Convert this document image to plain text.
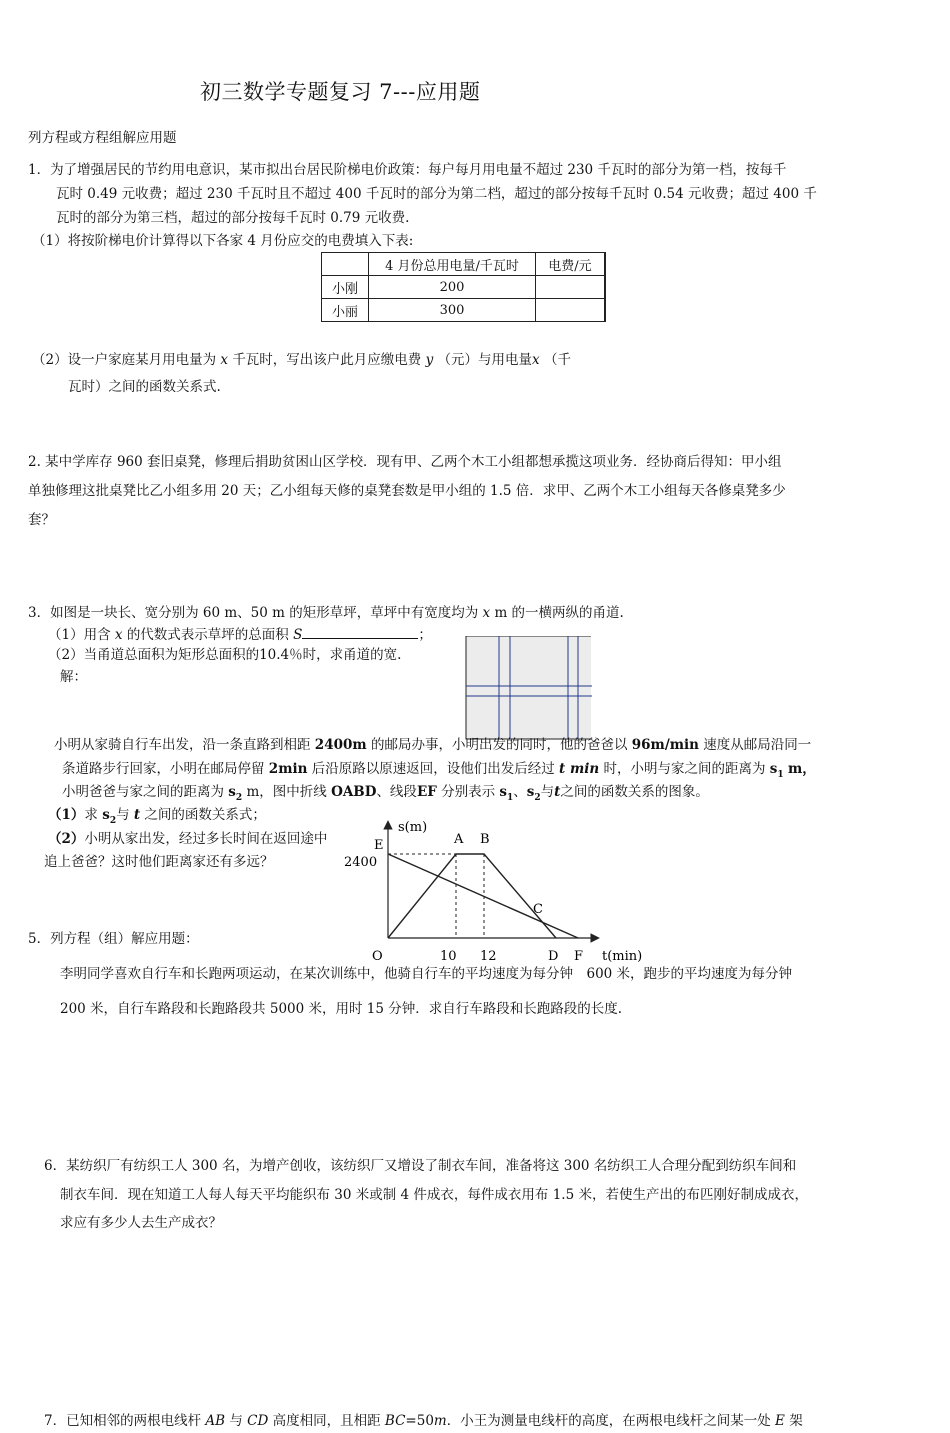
初三数学专题复习 7---应用题
列方程或方程组解应用题
1．为了增强居民的节约用电意识，某市拟出台居民阶梯电价政策：每户每月用电量不超过 230 千瓦时的部分为第一档，按每千
瓦时 0.49 元收费；超过 230 千瓦时且不超过 400 千瓦时的部分为第二档，超过的部分按每千瓦时 0.54 元收费；超过 400 千
瓦时的部分为第三档，超过的部分按每千瓦时 0.79 元收费.
（1）将按阶梯电价计算得以下各家 4 月份应交的电费填入下表:
	4 月份总用电量/千瓦时	电费/元
小刚	200	
小丽	300	
（2）设一户家庭某月用电量为 x 千瓦时，写出该户此月应缴电费 y （元）与用电量x （千
瓦时）之间的函数关系式.
2. 某中学库存 960 套旧桌凳，修理后捐助贫困山区学校．现有甲、乙两个木工小组都想承揽这项业务．经协商后得知：甲小组
单独修理这批桌凳比乙小组多用 20 天；乙小组每天修的桌凳套数是甲小组的 1.5 倍．求甲、乙两个木工小组每天各修桌凳多少
套？
3．如图是一块长、宽分别为 60 m、50 m 的矩形草坪，草坪中有宽度均为 x m 的一横两纵的甬道.
（1）用含 x 的代数式表示草坪的总面积 S	；
（2）当甬道总面积为矩形总面积的10.4％时，求甬道的宽.
解：
小明从家骑自行车出发，沿一条直路到相距 2400m 的邮局办事，小明出发的同时，他的爸爸以 96m/min 速度从邮局沿同一
条道路步行回家，小明在邮局停留 2min 后沿原路以原速返回，设他们出发后经过 t min 时，小明与家之间的距离为 $s_1$ m，
小明爸爸与家之间的距离为 $s_2$ m，图中折线 OABD、线段EF 分别表示 $s_1$、$s_2$与t之间的函数关系的图象。
（1）求 $s_2$与 t 之间的函数关系式；
（2）小明从家出发，经过多长时间在返回途中
追上爸爸？这时他们距离家还有多远？
s(m)
t(min)
2400
10 12
O
E	A B
C
D F
5．列方程（组）解应用题：
李明同学喜欢自行车和长跑两项运动，在某次训练中，他骑自行车的平均速度为每分钟　600 米，跑步的平均速度为每分钟
200 米，自行车路段和长跑路段共 5000 米，用时 15 分钟．求自行车路段和长跑路段的长度.
6．某纺织厂有纺织工人 300 名，为增产创收，该纺织厂又增设了制衣车间，准备将这 300 名纺织工人合理分配到纺织车间和
制衣车间．现在知道工人每人每天平均能织布 30 米或制 4 件成衣，每件成衣用布 1.5 米，若使生产出的布匹刚好制成成衣，
求应有多少人去生产成衣？
7．已知相邻的两根电线杆 AB 与 CD 高度相同，且相距 BC=50m．小王为测量电线杆的高度，在两根电线杆之间某一处 E 架
